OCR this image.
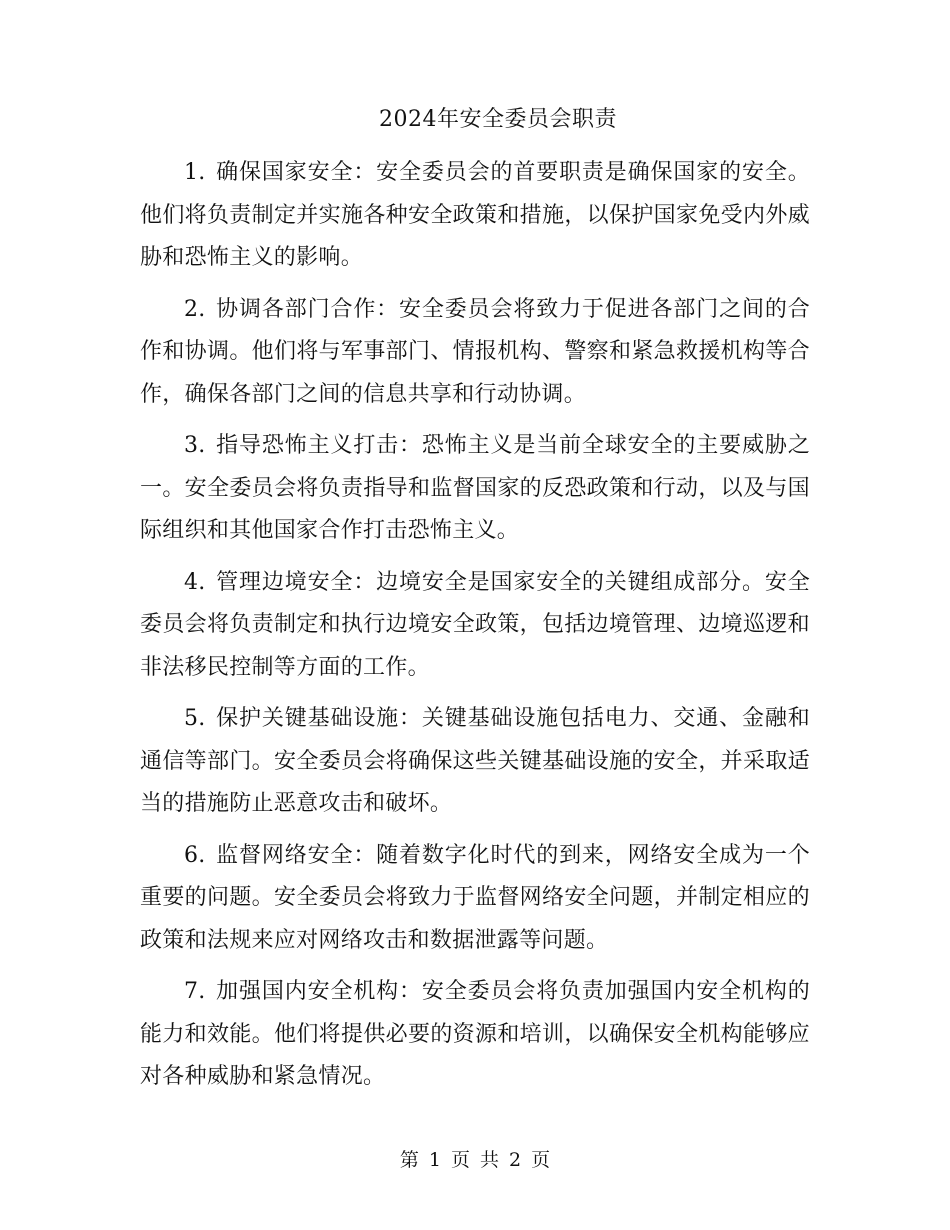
2024年安全委员会职责

1. 确保国家安全：安全委员会的首要职责是确保国家的安全。他们将负责制定并实施各种安全政策和措施，以保护国家免受内外威胁和恐怖主义的影响。

2. 协调各部门合作：安全委员会将致力于促进各部门之间的合作和协调。他们将与军事部门、情报机构、警察和紧急救援机构等合作，确保各部门之间的信息共享和行动协调。

3. 指导恐怖主义打击：恐怖主义是当前全球安全的主要威胁之一。安全委员会将负责指导和监督国家的反恐政策和行动，以及与国际组织和其他国家合作打击恐怖主义。

4. 管理边境安全：边境安全是国家安全的关键组成部分。安全委员会将负责制定和执行边境安全政策，包括边境管理、边境巡逻和非法移民控制等方面的工作。

5. 保护关键基础设施：关键基础设施包括电力、交通、金融和通信等部门。安全委员会将确保这些关键基础设施的安全，并采取适当的措施防止恶意攻击和破坏。

6. 监督网络安全：随着数字化时代的到来，网络安全成为一个重要的问题。安全委员会将致力于监督网络安全问题，并制定相应的政策和法规来应对网络攻击和数据泄露等问题。

7. 加强国内安全机构：安全委员会将负责加强国内安全机构的能力和效能。他们将提供必要的资源和培训，以确保安全机构能够应对各种威胁和紧急情况。

第 1 页 共 2 页
